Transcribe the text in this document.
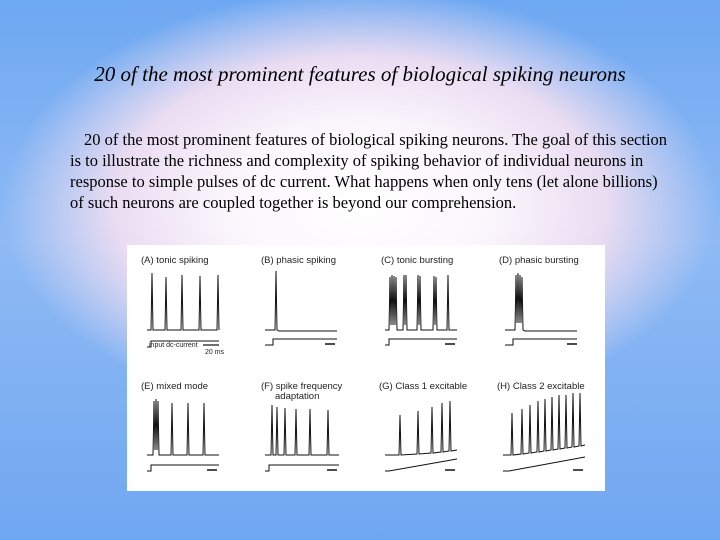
20 of the most prominent features of biological spiking neurons
20 of the most prominent features of biological spiking neurons. The goal of this section is to illustrate the richness and complexity of spiking behavior of individual neurons in response to simple pulses of dc current. What happens when only tens (let alone billions) of such neurons are coupled together is beyond our comprehension.
(A) tonic spiking
input dc-current
20 ms
(B) phasic spiking	(C) tonic bursting	(D) phasic bursting
(E) mixed mode	(F) spike frequency
adaptation
(G) Class 1 excitable	(H) Class 2 excitable
